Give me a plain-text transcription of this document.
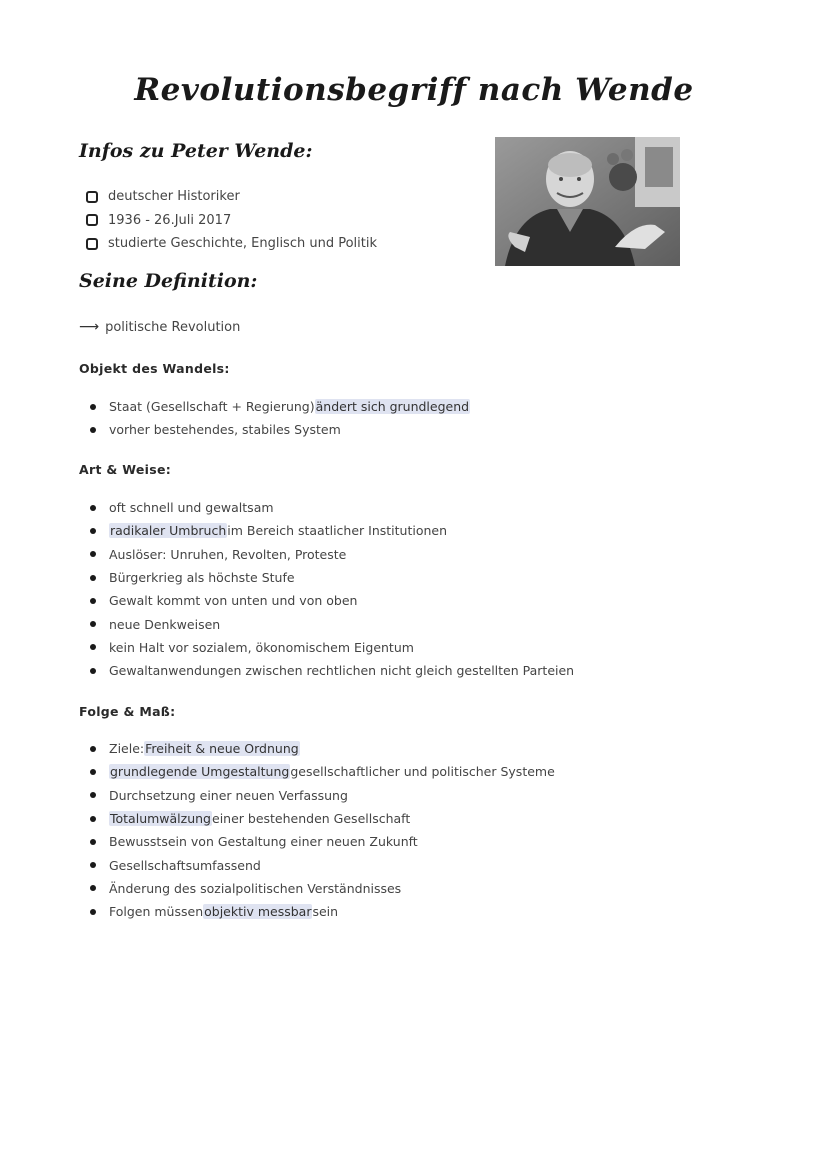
Revolutionsbegriff nach Wende
Infos zu Peter Wende:
deutscher Historiker
1936 - 26.Juli 2017
studierte Geschichte, Englisch und Politik
Seine Definition:
⟶ politische Revolution
Objekt des Wandels:
Staat (Gesellschaft + Regierung) ändert sich grundlegend
vorher bestehendes, stabiles System
Art & Weise:
oft schnell und gewaltsam
radikaler Umbruch im Bereich staatlicher Institutionen
Auslöser: Unruhen, Revolten, Proteste
Bürgerkrieg als höchste Stufe
Gewalt kommt von unten und von oben
neue Denkweisen
kein Halt vor sozialem, ökonomischem Eigentum
Gewaltanwendungen zwischen rechtlichen nicht gleich gestellten Parteien
Folge & Maß:
Ziele: Freiheit & neue Ordnung
grundlegende Umgestaltung gesellschaftlicher und politischer Systeme
Durchsetzung einer neuen Verfassung
Totalumwälzung einer bestehenden Gesellschaft
Bewusstsein von Gestaltung einer neuen Zukunft
Gesellschaftsumfassend
Änderung des sozialpolitischen Verständnisses
Folgen müssen objektiv messbar sein
